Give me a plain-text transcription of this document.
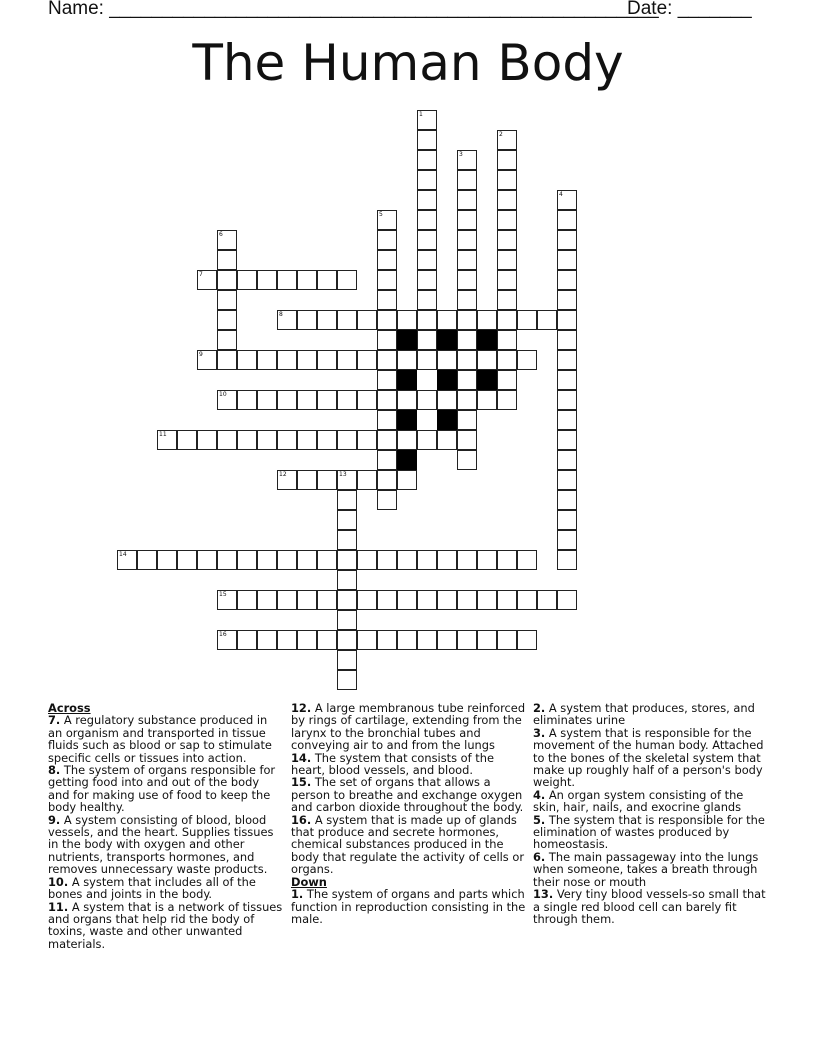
Name: ____________________________________________________
Date: _______
The Human Body
1
2
3
4
5
6
7
8
9
10
11
12	13
14
15
16
Across
7. A regulatory substance produced in an organism and transported in tissue fluids such as blood or sap to stimulate specific cells or tissues into action.
8. The system of organs responsible for getting food into and out of the body and for making use of food to keep the body healthy.
9. A system consisting of blood, blood vessels, and the heart. Supplies tissues in the body with oxygen and other nutrients, transports hormones, and removes unnecessary waste products.
10. A system that includes all of the bones and joints in the body.
11. A system that is a network of tissues and organs that help rid the body of toxins, waste and other unwanted materials.
12. A large membranous tube reinforced by rings of cartilage, extending from the larynx to the bronchial tubes and conveying air to and from the lungs
14. The system that consists of the heart, blood vessels, and blood.
15. The set of organs that allows a person to breathe and exchange oxygen and carbon dioxide throughout the body.
16. A system that is made up of glands that produce and secrete hormones, chemical substances produced in the body that regulate the activity of cells or organs.
Down
1. The system of organs and parts which function in reproduction consisting in the male.
2. A system that produces, stores, and eliminates urine
3. A system that is responsible for the movement of the human body. Attached to the bones of the skeletal system that make up roughly half of a person's body weight.
4. An organ system consisting of the skin, hair, nails, and exocrine glands
5. The system that is responsible for the elimination of wastes produced by homeostasis.
6. The main passageway into the lungs when someone, takes a breath through their nose or mouth
13. Very tiny blood vessels-so small that a single red blood cell can barely fit through them.
